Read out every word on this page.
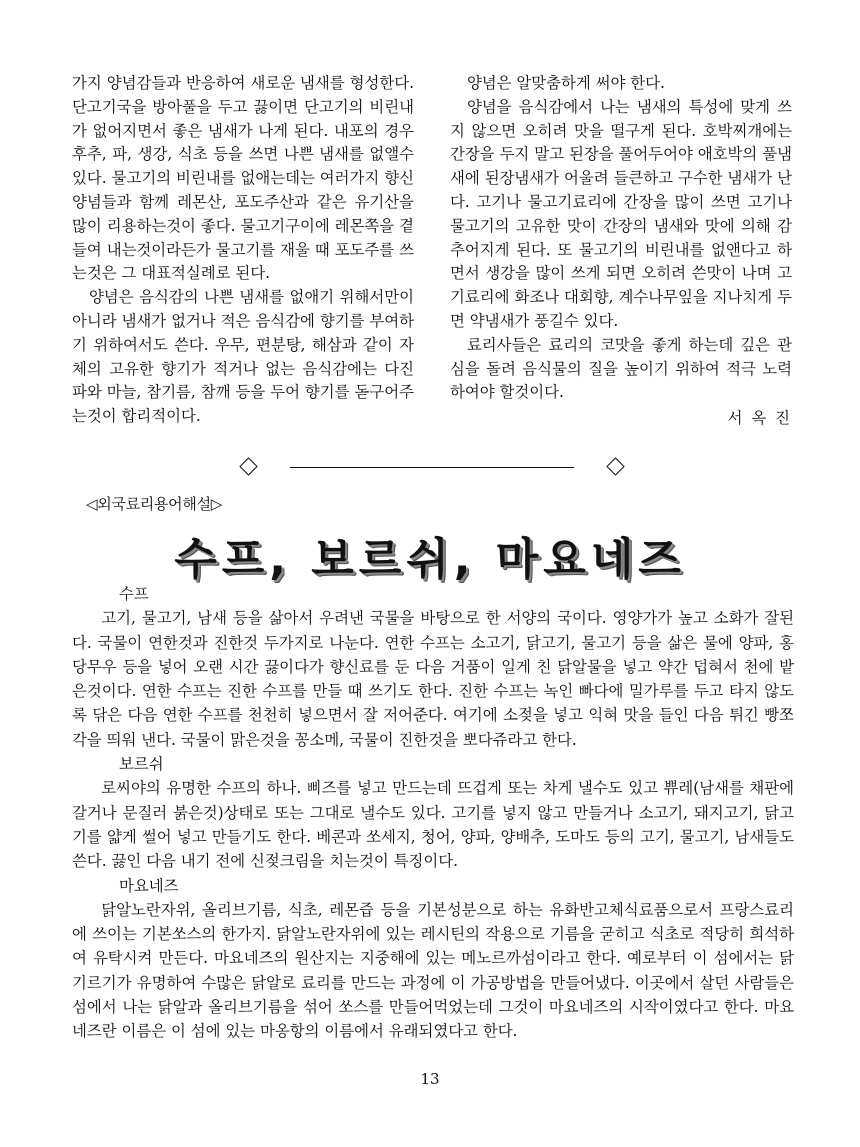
가지 양념감들과 반응하여 새로운 냄새를 형성한다. 단고기국을 방아풀을 두고 끓이면 단고기의 비린내가 없어지면서 좋은 냄새가 나게 된다. 내포의 경우 후추, 파, 생강, 식초 등을 쓰면 나쁜 냄새를 없앨수 있다. 물고기의 비린내를 없애는데는 여러가지 향신양념들과 함께 레몬산, 포도주산과 같은 유기산을 많이 리용하는것이 좋다. 물고기구이에 레몬쪽을 곁들여 내는것이라든가 물고기를 재울 때 포도주를 쓰는것은 그 대표적실례로 된다.

양념은 음식감의 나쁜 냄새를 없애기 위해서만이 아니라 냄새가 없거나 적은 음식감에 향기를 부여하기 위하여서도 쓴다. 우무, 편분탕, 해삼과 같이 자체의 고유한 향기가 적거나 없는 음식감에는 다진 파와 마늘, 참기름, 참깨 등을 두어 향기를 돋구어주는것이 합리적이다.

양념은 알맞춤하게 써야 한다.

양념을 음식감에서 나는 냄새의 특성에 맞게 쓰지 않으면 오히려 맛을 떨구게 된다. 호박찌개에는 간장을 두지 말고 된장을 풀어두어야 애호박의 풀냄새에 된장냄새가 어울려 들큰하고 구수한 냄새가 난다. 고기나 물고기료리에 간장을 많이 쓰면 고기나 물고기의 고유한 맛이 간장의 냄새와 맛에 의해 감추어지게 된다. 또 물고기의 비린내를 없앤다고 하면서 생강을 많이 쓰게 되면 오히려 쓴맛이 나며 고기료리에 화조나 대회향, 계수나무잎을 지나치게 두면 약냄새가 풍길수 있다.

료리사들은 료리의 코맛을 좋게 하는데 깊은 관심을 돌려 음식물의 질을 높이기 위하여 적극 노력하여야 할것이다.

서 옥 진
◁외국료리용어해설▷
수프, 보르쉬, 마요네즈
수프

고기, 물고기, 남새 등을 삶아서 우려낸 국물을 바탕으로 한 서양의 국이다. 영양가가 높고 소화가 잘된다. 국물이 연한것과 진한것 두가지로 나눈다. 연한 수프는 소고기, 닭고기, 물고기 등을 삶은 물에 양파, 홍당무우 등을 넣어 오랜 시간 끓이다가 향신료를 둔 다음 거품이 일게 친 닭알물을 넣고 약간 덥혀서 천에 밭은것이다. 연한 수프는 진한 수프를 만들 때 쓰기도 한다. 진한 수프는 녹인 빠다에 밀가루를 두고 타지 않도록 닦은 다음 연한 수프를 천천히 넣으면서 잘 저어준다. 여기에 소젖을 넣고 익혀 맛을 들인 다음 튀긴 빵쪼각을 띄워 낸다. 국물이 맑은것을 꽁소메, 국물이 진한것을 뽀다쥬라고 한다.

보르쉬

로씨야의 유명한 수프의 하나. 삐즈를 넣고 만드는데 뜨겁게 또는 차게 낼수도 있고 쀼레(남새를 채판에 갈거나 문질러 붉은것)상태로 또는 그대로 낼수도 있다. 고기를 넣지 않고 만들거나 소고기, 돼지고기, 닭고기를 얇게 썰어 넣고 만들기도 한다. 베콘과 쏘세지, 청어, 양파, 양배추, 도마도 등의 고기, 물고기, 남새들도 쓴다. 끓인 다음 내기 전에 신젖크림을 치는것이 특징이다.

마요네즈

닭알노란자위, 올리브기름, 식초, 레몬즙 등을 기본성분으로 하는 유화반고체식료품으로서 프랑스료리에 쓰이는 기본쏘스의 한가지. 닭알노란자위에 있는 레시틴의 작용으로 기름을 굳히고 식초로 적당히 희석하여 유탁시켜 만든다. 마요네즈의 원산지는 지중해에 있는 메노르까섬이라고 한다. 예로부터 이 섬에서는 닭기르기가 유명하여 수많은 닭알로 료리를 만드는 과정에 이 가공방법을 만들어냈다. 이곳에서 살던 사람들은 섬에서 나는 닭알과 올리브기름을 섞어 쏘스를 만들어먹었는데 그것이 마요네즈의 시작이였다고 한다. 마요네즈란 이름은 이 섬에 있는 마옹항의 이름에서 유래되였다고 한다.

13
